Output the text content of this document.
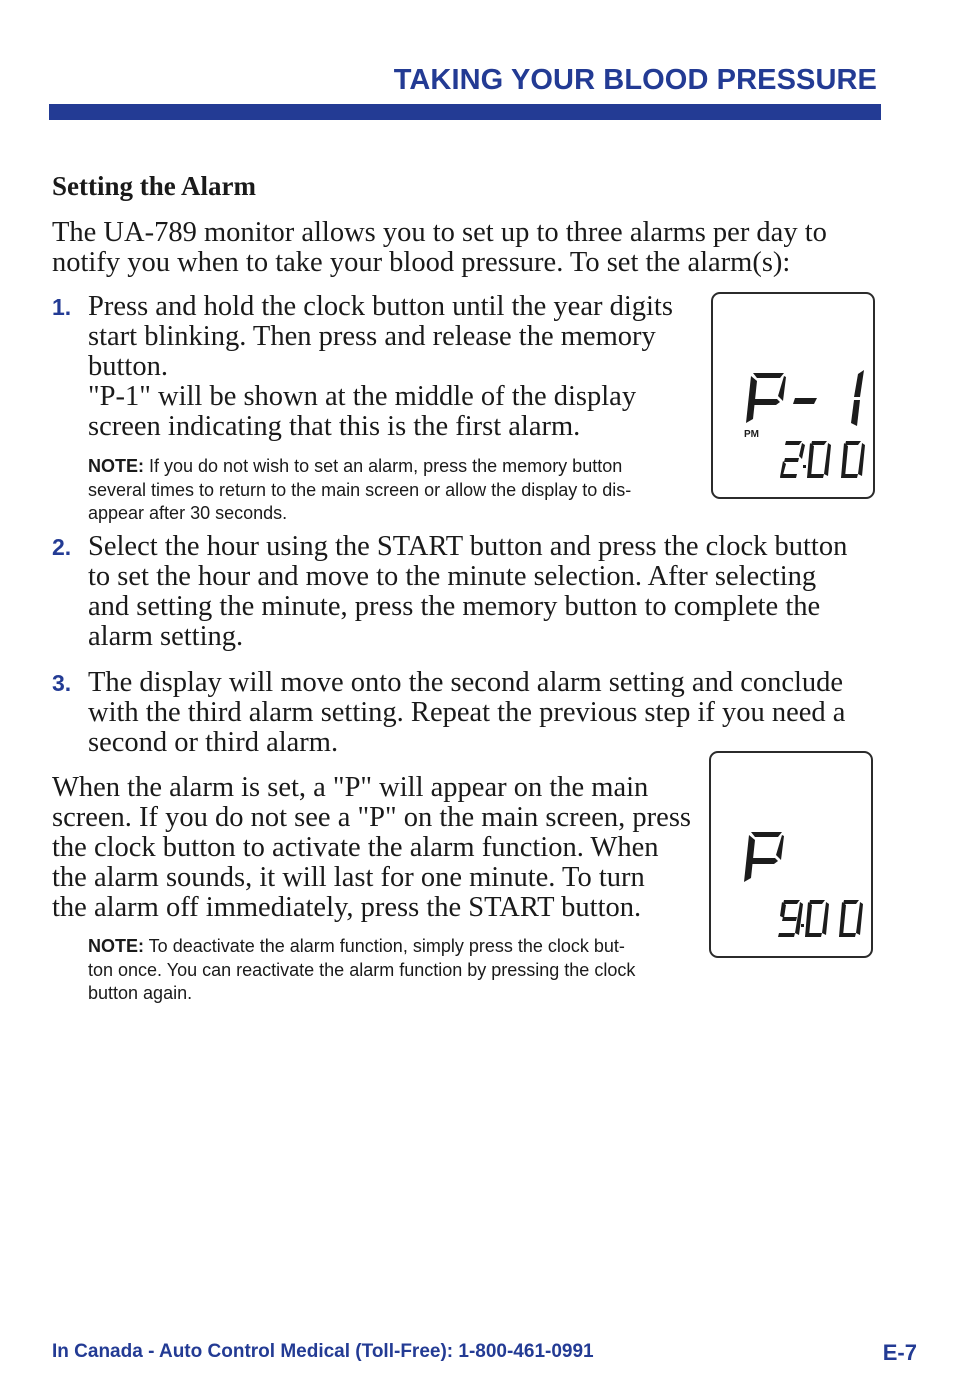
TAKING YOUR BLOOD PRESSURE
Setting the Alarm
The UA-789 monitor allows you to set up to three alarms per day to
notify you when to take your blood pressure. To set the alarm(s):
1. Press and hold the clock button until the year digits
start blinking. Then press and release the memory
button.
"P-1" will be shown at the middle of the display
screen indicating that this is the first alarm.
NOTE: If you do not wish to set an alarm, press the memory button
several times to return to the main screen or allow the display to dis-
appear after 30 seconds.
PM
2. Select the hour using the START button and press the clock button
to set the hour and move to the minute selection. After selecting
and setting the minute, press the memory button to complete the
alarm setting.
3. The display will move onto the second alarm setting and conclude
with the third alarm setting. Repeat the previous step if you need a
second or third alarm.
When the alarm is set, a "P" will appear on the main
screen. If you do not see a "P" on the main screen, press
the clock button to activate the alarm function. When
the alarm sounds, it will last for one minute. To turn
the alarm off immediately, press the START button.
NOTE: To deactivate the alarm function, simply press the clock but-
ton once. You can reactivate the alarm function by pressing the clock
button again.
In Canada - Auto Control Medical (Toll-Free): 1-800-461-0991	E-7
